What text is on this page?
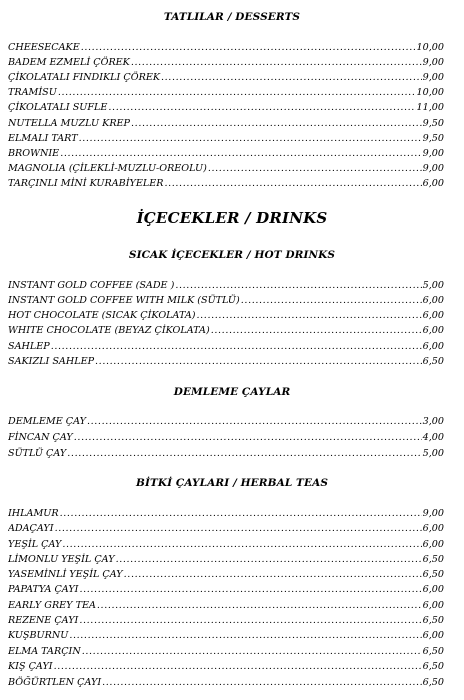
TATLILAR / DESSERTS
CHEESECAKE .....	10,00
BADEM EZMELİ ÇÖREK .....	9,00
ÇİKOLATALI FINDIKLI ÇÖREK .....	9,00
TRAMİSU .....	10,00
ÇİKOLATALI SUFLE .....	11,00
NUTELLA MUZLU KREP .....	9,50
ELMALI TART .....	9,50
BROWNIE .....	9,00
MAGNOLIA (ÇİLEKLİ-MUZLU-OREOLU) .....	9,00
TARÇINLI MİNİ KURABİYELER .....	6,00
İÇECEKLER / DRINKS
SICAK İÇECEKLER / HOT DRINKS
INSTANT GOLD COFFEE (SADE ) .....	5,00
INSTANT GOLD COFFEE WITH MILK (SÜTLÜ) .....	6,00
HOT CHOCOLATE (SICAK ÇİKOLATA) .....	6,00
WHITE CHOCOLATE (BEYAZ ÇİKOLATA) .....	6,00
SAHLEP .....	6,00
SAKIZLI SAHLEP .....	6,50
DEMLEME ÇAYLAR
DEMLEME ÇAY .....	3,00
FİNCAN ÇAY .....	4,00
SÜTLÜ ÇAY .....	5,00
BİTKİ ÇAYLARI / HERBAL TEAS
IHLAMUR .....	9,00
ADAÇAYI .....	6,00
YEŞİL ÇAY .....	6,00
LİMONLU YEŞİL ÇAY .....	6,50
YASEMİNLİ YEŞİL ÇAY .....	6,50
PAPATYA ÇAYI .....	6,00
EARLY GREY TEA .....	6,00
REZENE ÇAYI .....	6,50
KUŞBURNU .....	6,00
ELMA TARÇIN .....	6,50
KIŞ ÇAYI .....	6,50
BÖĞÜRTLEN ÇAYI .....	6,50
